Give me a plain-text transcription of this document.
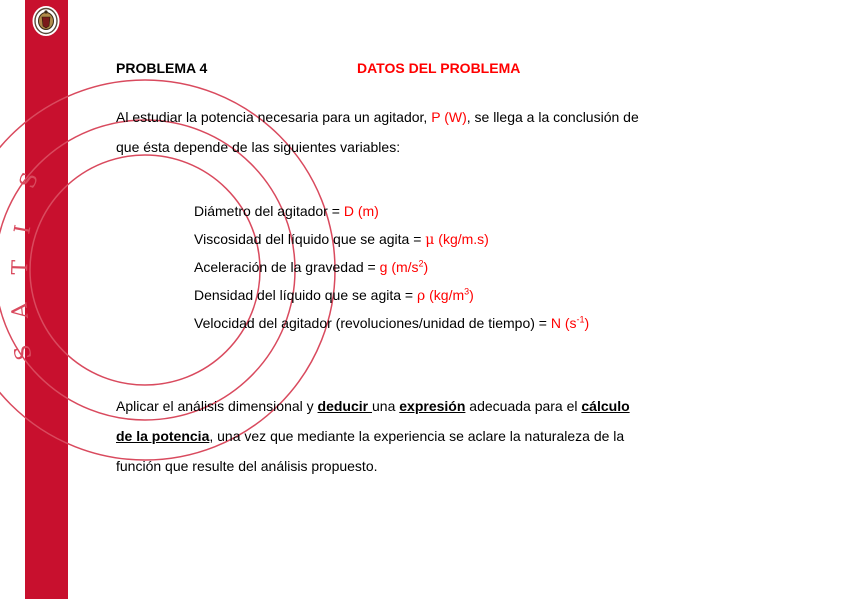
S
I
T
A
S
PROBLEMA 4	DATOS DEL PROBLEMA
Al estudiar la potencia necesaria para un agitador, P (W), se llega a la conclusión de
que ésta depende de las siguientes variables:
Diámetro del agitador = D (m)
Viscosidad del líquido que se agita = μ (kg/m.s)
Aceleración de la gravedad = g $(m/s^2)$
Densidad del líquido que se agita = ρ $(kg/m^3)$
Velocidad del agitador (revoluciones/unidad de tiempo) = N $(s^{-1})$
Aplicar el análisis dimensional y deducir una expresión adecuada para el cálculo
de la potencia, una vez que mediante la experiencia se aclare la naturaleza de la
función que resulte del análisis propuesto.
